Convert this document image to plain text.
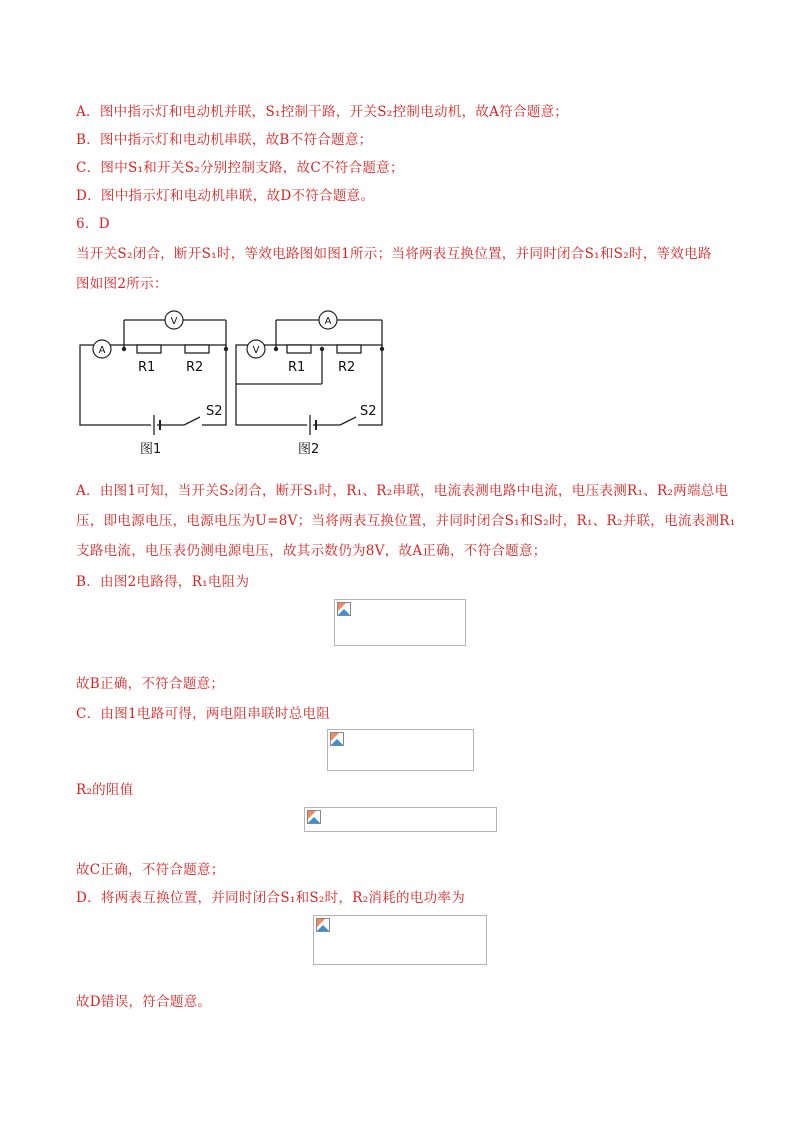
A．图中指示灯和电动机并联，S₁控制干路，开关S₂控制电动机，故A符合题意；
B．图中指示灯和电动机串联，故B不符合题意；
C．图中S₁和开关S₂分别控制支路，故C不符合题意；
D．图中指示灯和电动机串联，故D不符合题意。
6．D
当开关S₂闭合，断开S₁时，等效电路图如图1所示；当将两表互换位置，并同时闭合S₁和S₂时，等效电路
图如图2所示：
A
V
V
A
R1 R2
S2
R1	R2
S2
图1	图2
A．由图1可知，当开关S₂闭合，断开S₁时，R₁、R₂串联，电流表测电路中电流，电压表测R₁、R₂两端总电
压，即电源电压，电源电压为U=8V；当将两表互换位置，并同时闭合S₁和S₂时，R₁、R₂并联，电流表测R₁
支路电流，电压表仍测电源电压，故其示数仍为8V，故A正确，不符合题意；
B．由图2电路得，R₁电阻为
故B正确，不符合题意；
C．由图1电路可得，两电阻串联时总电阻
R₂的阻值
故C正确，不符合题意；
D．将两表互换位置，并同时闭合S₁和S₂时，R₂消耗的电功率为
故D错误，符合题意。
